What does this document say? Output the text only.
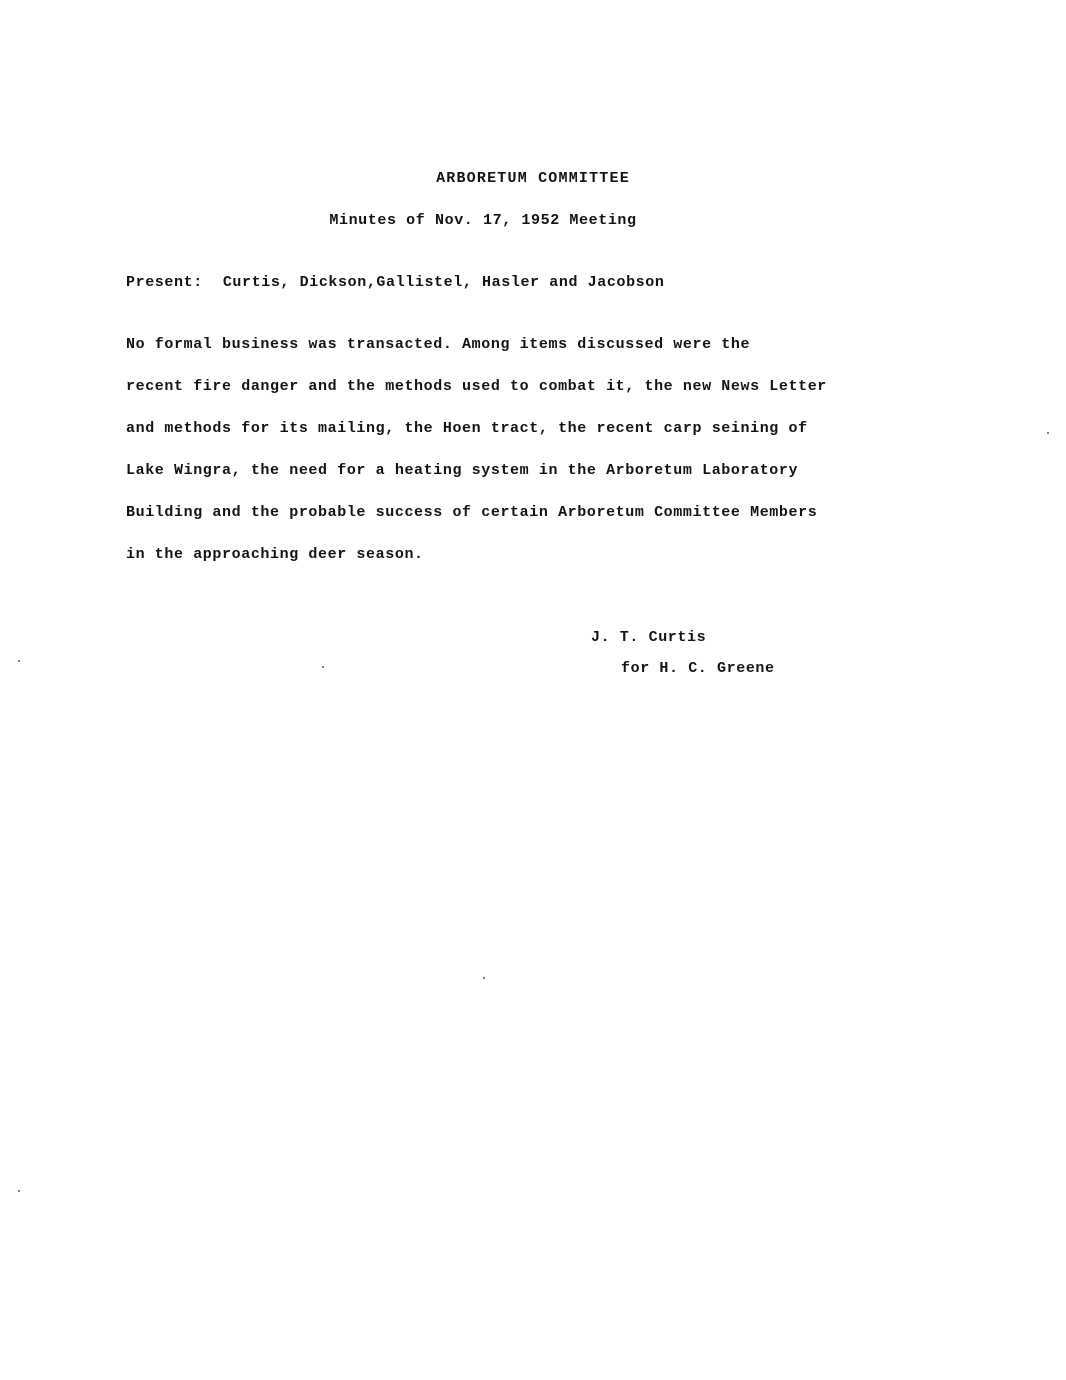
ARBORETUM COMMITTEE
Minutes of Nov. 17, 1952 Meeting
Present: Curtis, Dickson,Gallistel, Hasler and Jacobson
No formal business was transacted. Among items discussed were the
recent fire danger and the methods used to combat it, the new News Letter
and methods for its mailing, the Hoen tract, the recent carp seining of
Lake Wingra, the need for a heating system in the Arboretum Laboratory
Building and the probable success of certain Arboretum Committee Members
in the approaching deer season.
J. T. Curtis
for H. C. Greene
